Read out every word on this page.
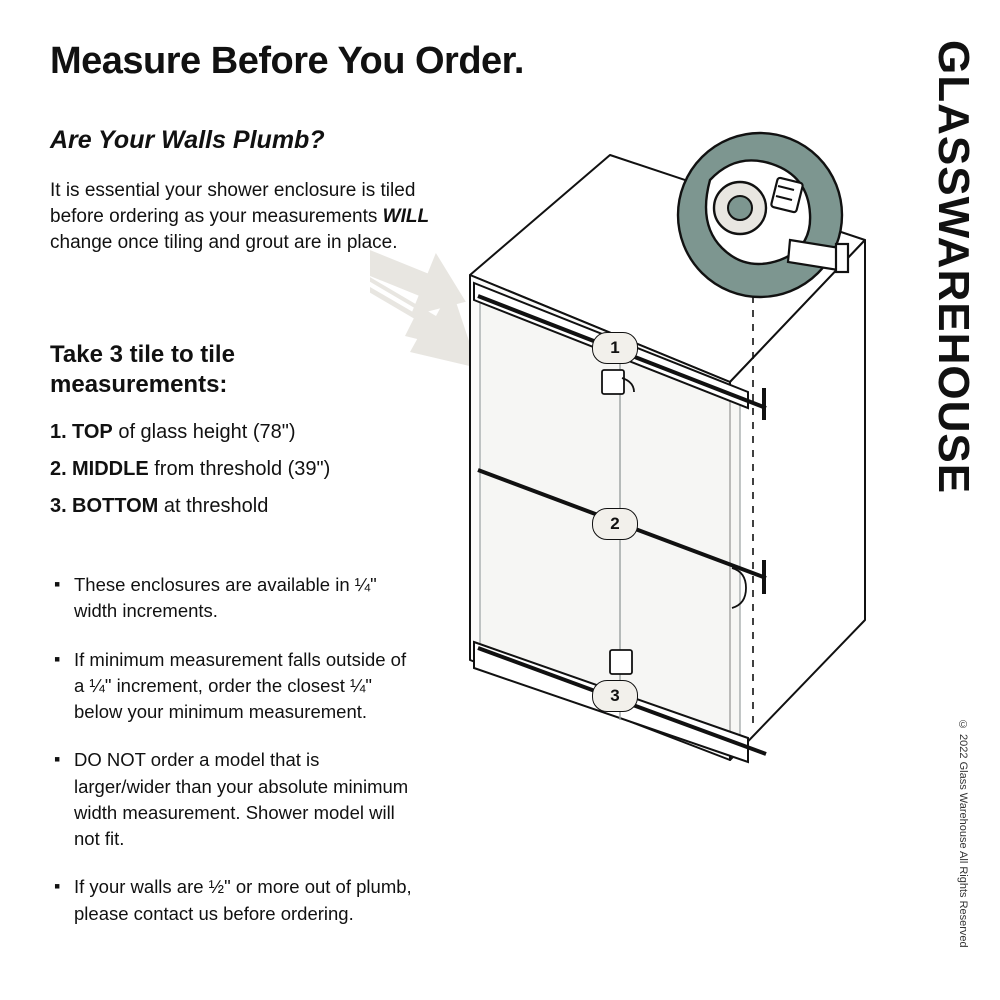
Measure Before You Order.
Are Your Walls Plumb?
It is essential your shower enclosure is tiled before ordering as your measurements WILL change once tiling and grout are in place.
Take 3 tile to tile measurements:
1. TOP of glass height (78")
2. MIDDLE from threshold (39")
3. BOTTOM at threshold
▪ These enclosures are available in ¼" width increments.
▪ If minimum measurement falls outside of a ¼" increment, order the closest ¼" below your minimum measurement.
▪ DO NOT order a model that is larger/wider than your absolute minimum width measurement. Shower model will not fit.
▪ If your walls are ½" or more out of plumb, please contact us before ordering.
GLASSWAREHOUSE
© 2022 Glass Warehouse All Rights Reserved
1
2
3
